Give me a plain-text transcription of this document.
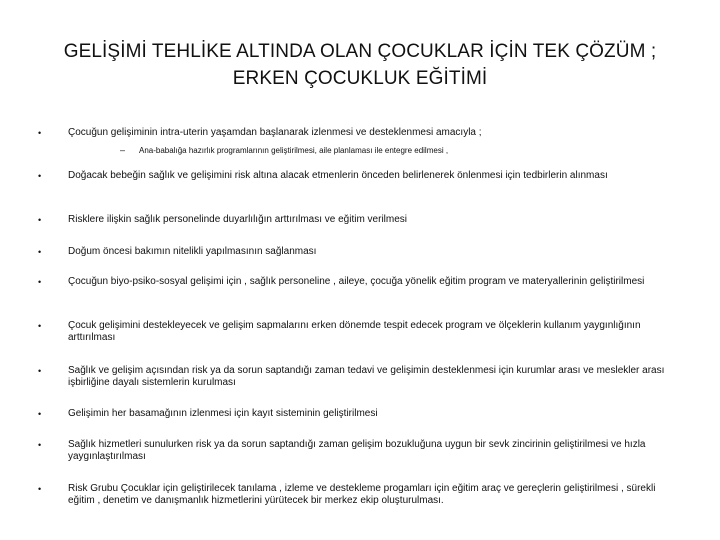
GELİŞİMİ TEHLİKE ALTINDA OLAN ÇOCUKLAR İÇİN TEK ÇÖZÜM ;
ERKEN ÇOCUKLUK EĞİTİMİ
•	Çocuğun gelişiminin intra-uterin yaşamdan başlanarak izlenmesi ve desteklenmesi amacıyla ;
– Ana-babalığa hazırlık programlarının geliştirilmesi, aile planlaması ile entegre edilmesi ,
•	Doğacak bebeğin sağlık ve gelişimini risk altına alacak etmenlerin önceden belirlenerek önlenmesi için tedbirlerin alınması
•	Risklere ilişkin sağlık personelinde duyarlılığın arttırılması ve eğitim verilmesi
•	Doğum öncesi bakımın nitelikli yapılmasının sağlanması
•	Çocuğun biyo-psiko-sosyal gelişimi için , sağlık personeline , aileye, çocuğa yönelik eğitim program ve materyallerinin geliştirilmesi
•	Çocuk gelişimini destekleyecek ve gelişim sapmalarını erken dönemde tespit edecek program ve ölçeklerin kullanım yaygınlığının arttırılması
•	Sağlık ve gelişim açısından risk ya da sorun saptandığı zaman tedavi ve gelişimin desteklenmesi için kurumlar arası ve meslekler arası işbirliğine dayalı sistemlerin kurulması
•	Gelişimin her basamağının izlenmesi için kayıt sisteminin geliştirilmesi
•	Sağlık hizmetleri sunulurken risk ya da sorun saptandığı zaman gelişim bozukluğuna uygun bir sevk zincirinin geliştirilmesi ve hızla yaygınlaştırılması
•	Risk Grubu Çocuklar için geliştirilecek tanılama , izleme ve destekleme progamları için eğitim araç ve gereçlerin geliştirilmesi , sürekli eğitim , denetim ve danışmanlık hizmetlerini yürütecek bir merkez ekip oluşturulması.
